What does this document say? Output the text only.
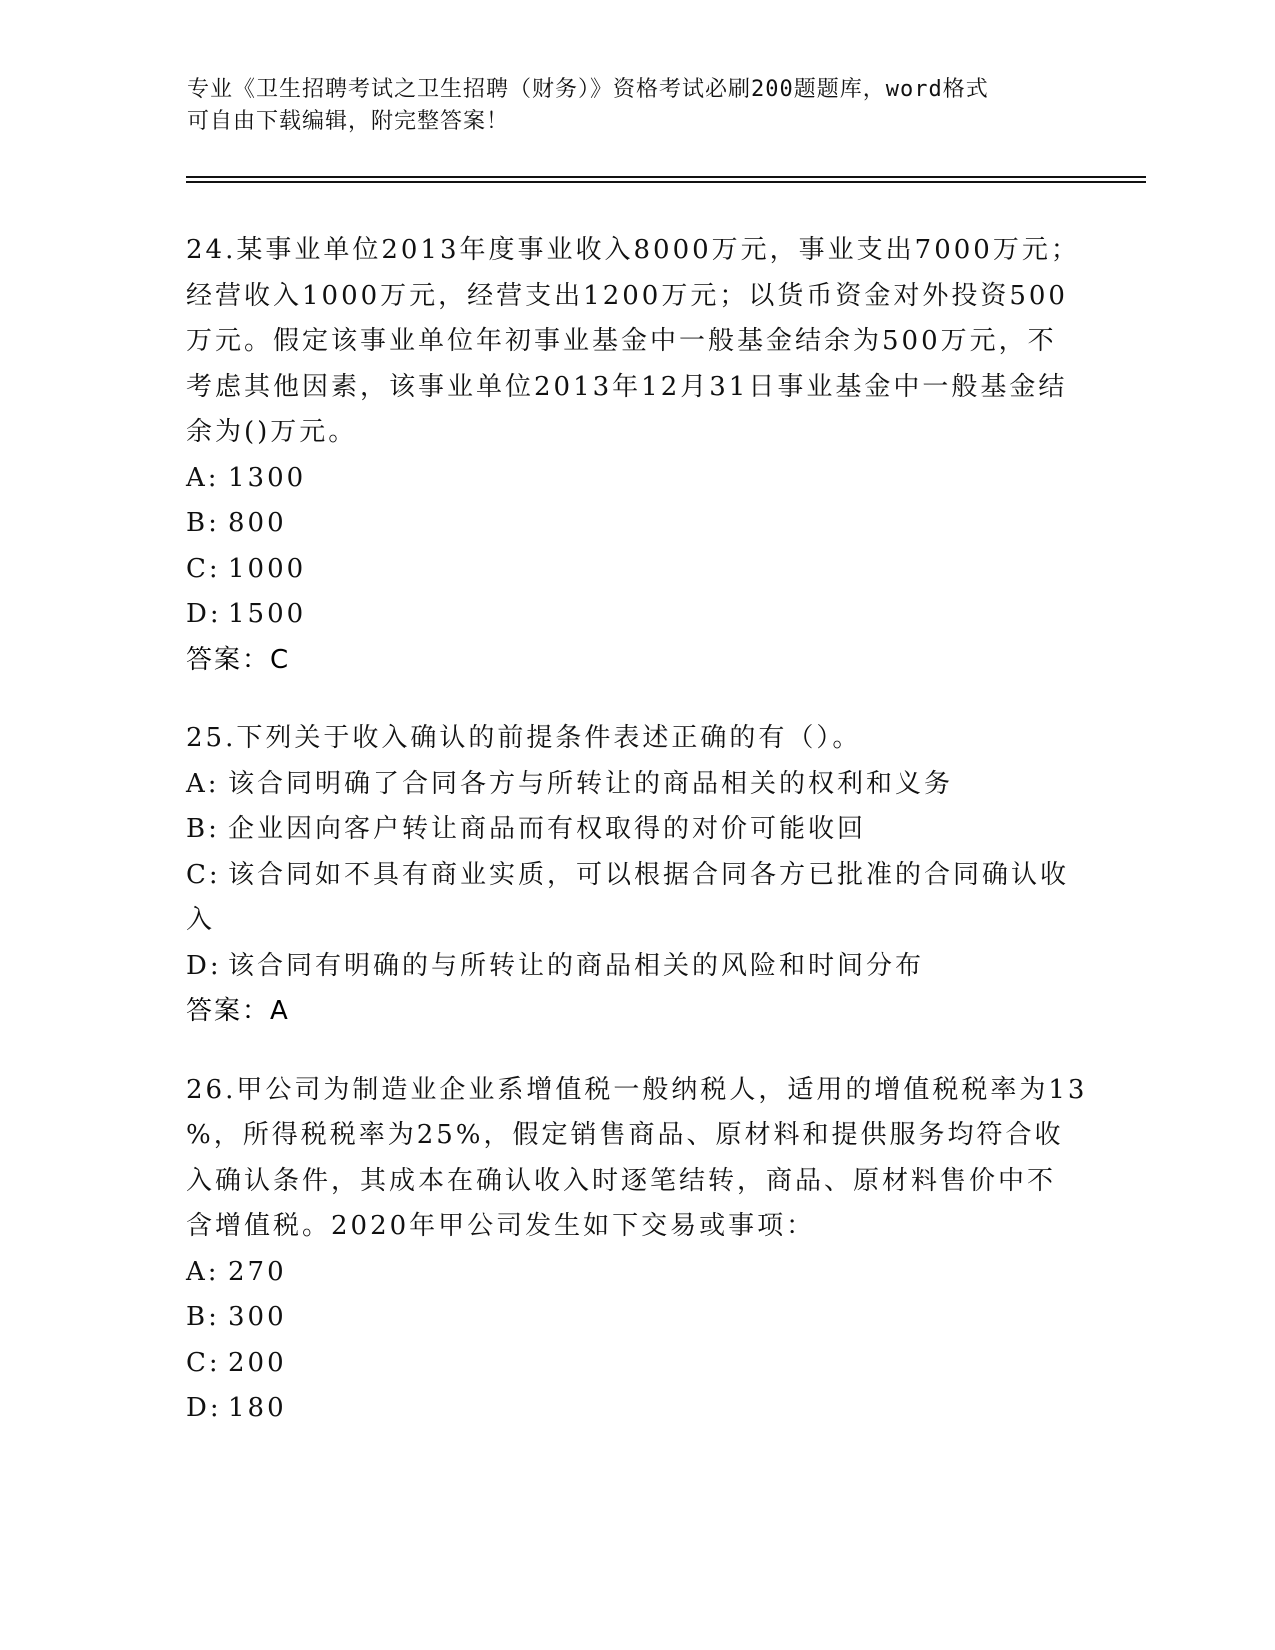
专业《卫生招聘考试之卫生招聘（财务）》资格考试必刷200题题库，word格式
可自由下载编辑，附完整答案！
24.某事业单位2013年度事业收入8000万元，事业支出7000万元；
经营收入1000万元，经营支出1200万元；以货币资金对外投资500
万元。假定该事业单位年初事业基金中一般基金结余为500万元，不
考虑其他因素，该事业单位2013年12月31日事业基金中一般基金结
余为()万元。
A: 1300
B: 800
C: 1000
D: 1500
答案：C
25.下列关于收入确认的前提条件表述正确的有（）。
A: 该合同明确了合同各方与所转让的商品相关的权利和义务
B: 企业因向客户转让商品而有权取得的对价可能收回
C: 该合同如不具有商业实质，可以根据合同各方已批准的合同确认收
入
D: 该合同有明确的与所转让的商品相关的风险和时间分布
答案：A
26.甲公司为制造业企业系增值税一般纳税人，适用的增值税税率为13
%，所得税税率为25%，假定销售商品、原材料和提供服务均符合收
入确认条件，其成本在确认收入时逐笔结转，商品、原材料售价中不
含增值税。2020年甲公司发生如下交易或事项：
A: 270
B: 300
C: 200
D: 180
